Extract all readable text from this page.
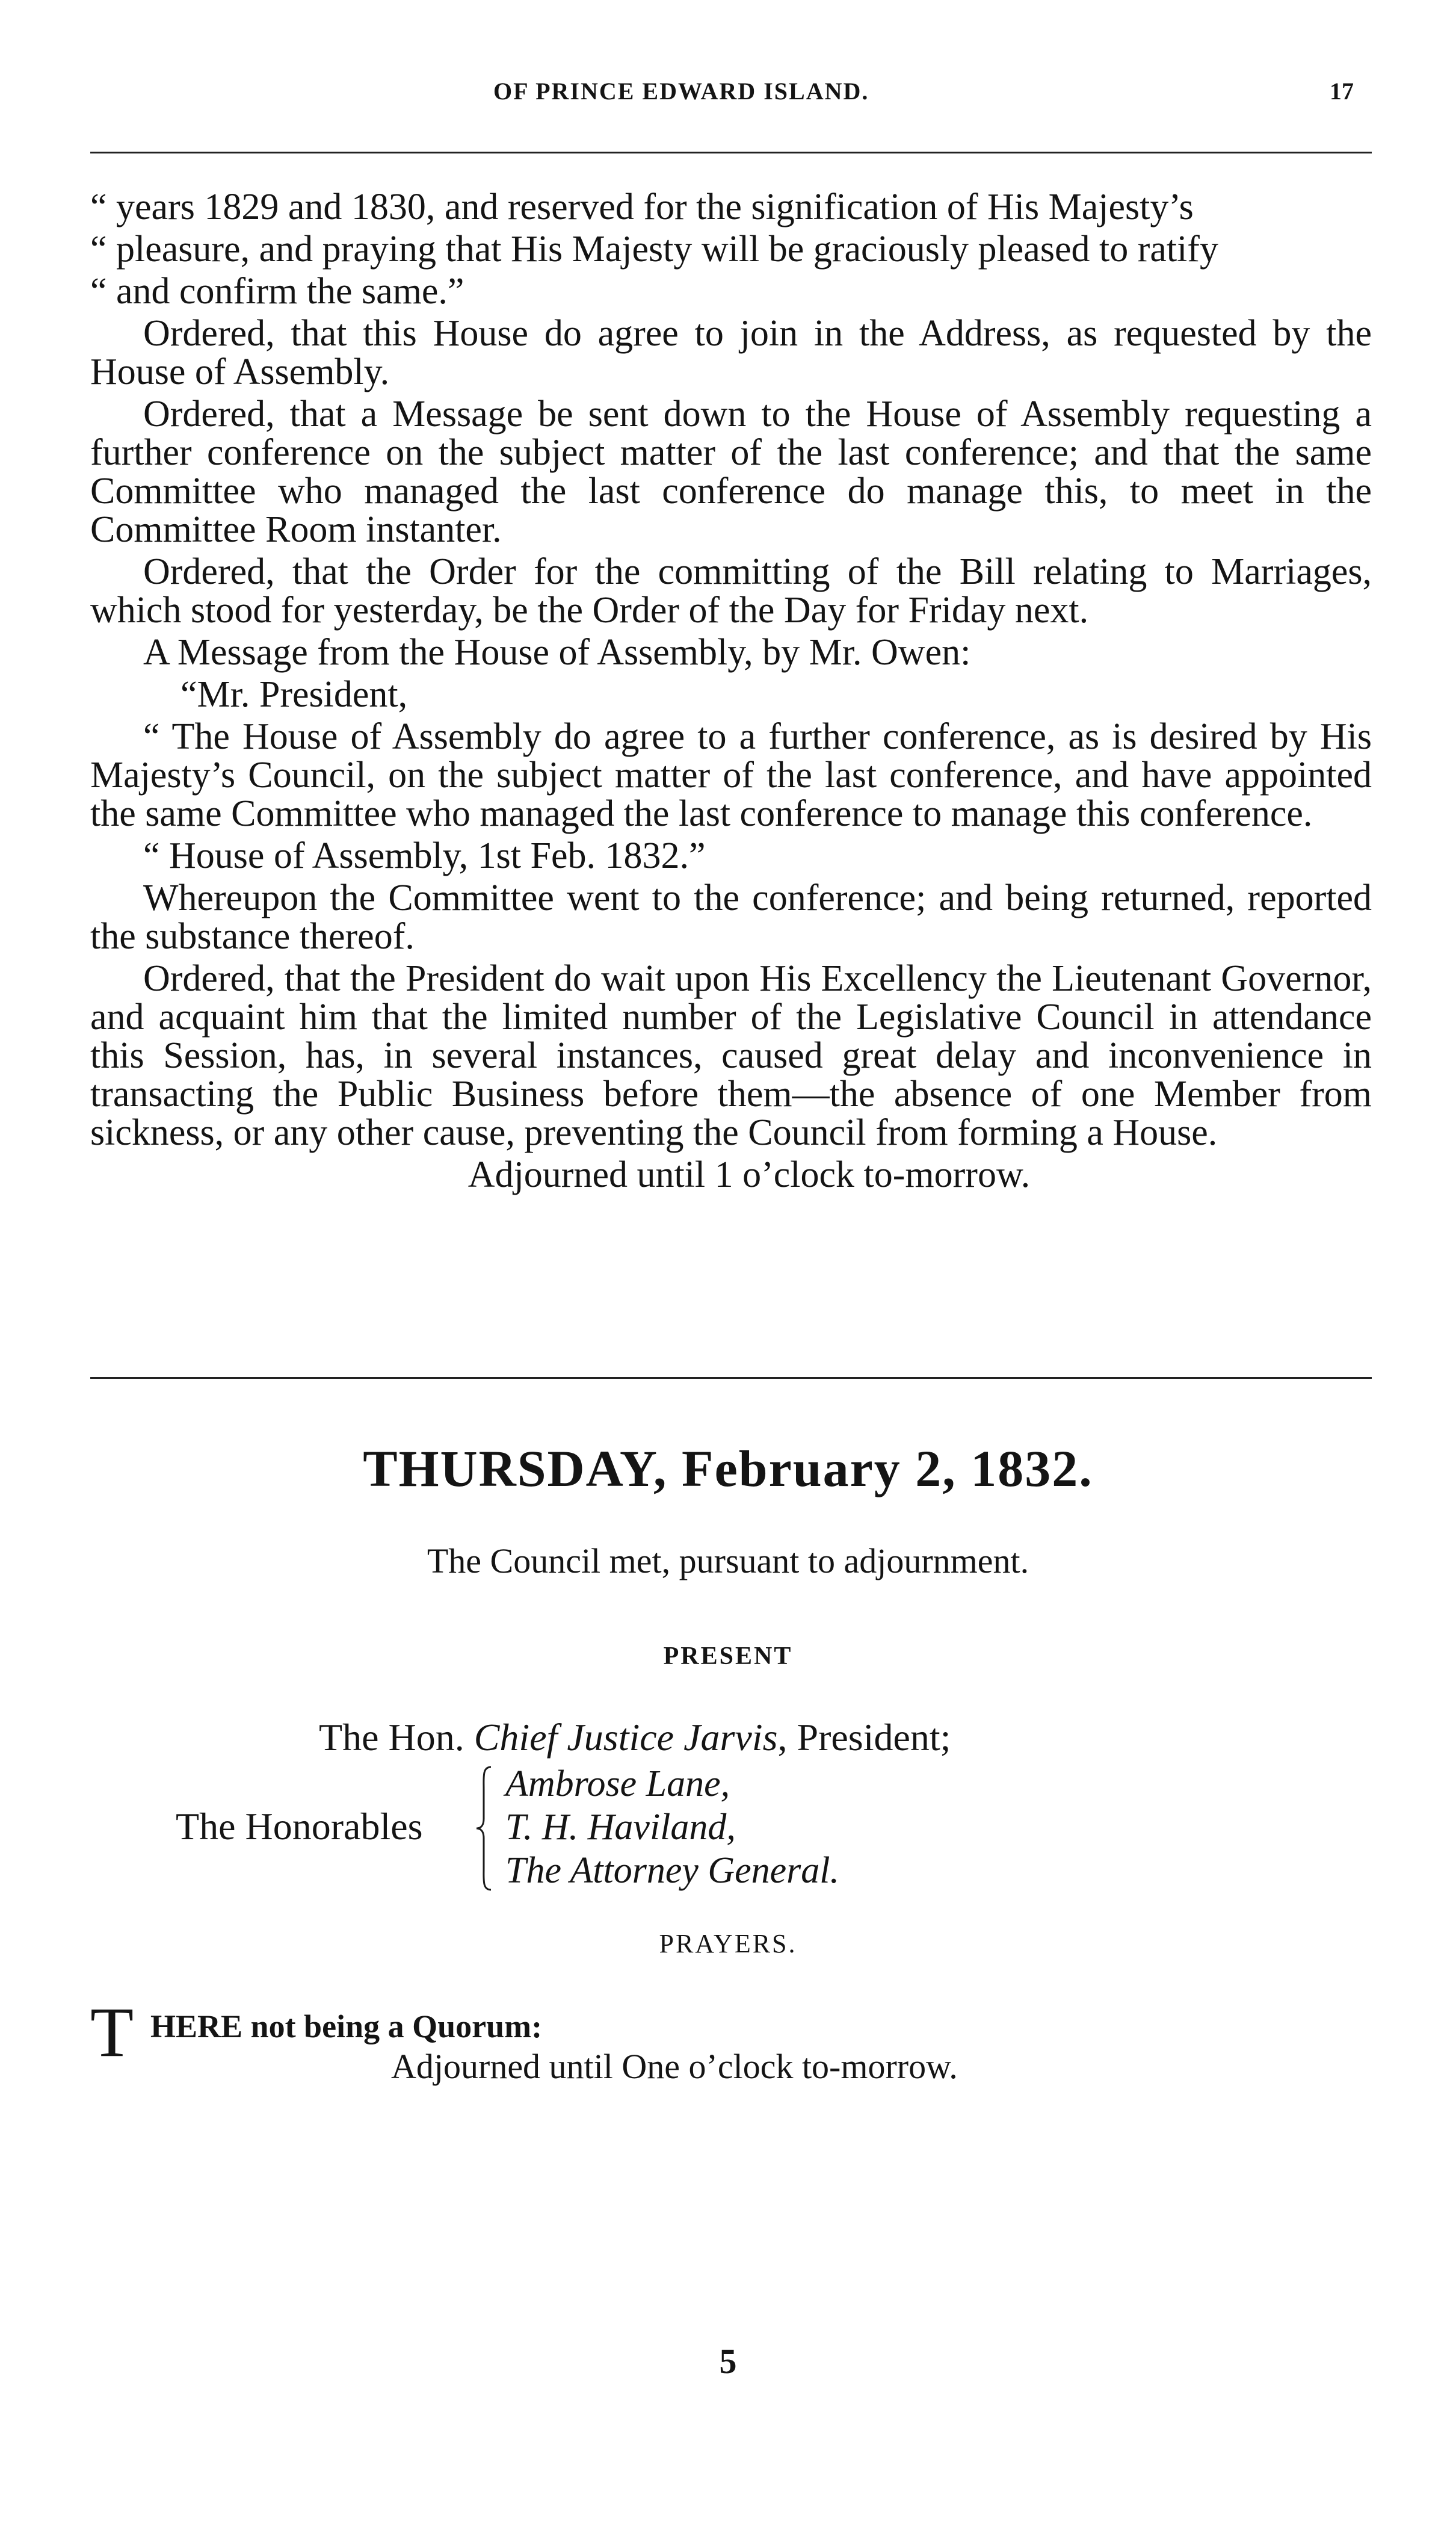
OF PRINCE EDWARD ISLAND.	17

“ years 1829 and 1830, and reserved for the signification of His Majesty’s

“ pleasure, and praying that His Majesty will be graciously pleased to ratify

“ and confirm the same.”

Ordered, that this House do agree to join in the Address, as requested by the House of Assembly.

Ordered, that a Message be sent down to the House of Assembly requesting a further conference on the subject matter of the last conference; and that the same Committee who managed the last conference do manage this, to meet in the Committee Room instanter.

Ordered, that the Order for the committing of the Bill relating to Marriages, which stood for yesterday, be the Order of the Day for Friday next.

A Message from the House of Assembly, by Mr. Owen:

“Mr. President,

“ The House of Assembly do agree to a further conference, as is desired by His Majesty’s Council, on the subject matter of the last conference, and have appointed the same Committee who managed the last conference to manage this conference.

“ House of Assembly, 1st Feb. 1832.”

Whereupon the Committee went to the conference; and being returned, reported the substance thereof.

Ordered, that the President do wait upon His Excellency the Lieutenant Governor, and acquaint him that the limited number of the Legislative Council in attendance this Session, has, in several instances, caused great delay and inconvenience in transacting the Public Business before them—the absence of one Member from sickness, or any other cause, preventing the Council from forming a House.

Adjourned until 1 o’clock to-morrow.

THURSDAY, February 2, 1832.
The Council met, pursuant to adjournment.
PRESENT
The Hon. Chief Justice Jarvis, President;
The Honorables
Ambrose Lane,
T. H. Haviland,
The Attorney General.
PRAYERS.
T HERE not being a Quorum:
Adjourned until One o’clock to-morrow.
5
